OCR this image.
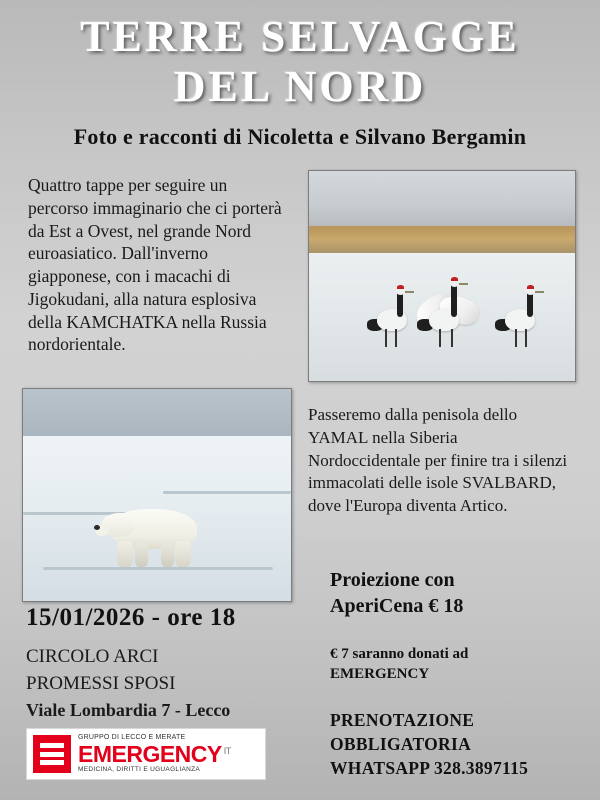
TERRE SELVAGGE
DEL NORD
Foto e racconti di Nicoletta e Silvano Bergamin
Quattro tappe per seguire un percorso immaginario che ci porterà da Est a Ovest, nel grande Nord euroasiatico. Dall'inverno giapponese, con i macachi di Jigokudani, alla natura esplosiva della KAMCHATKA nella Russia nordorientale.
Passeremo dalla penisola dello YAMAL nella Siberia Nordoccidentale per finire tra i silenzi immacolati delle isole SVALBARD, dove l'Europa diventa Artico.
15/01/2026 - ore 18
CIRCOLO ARCI
PROMESSI SPOSI
Viale Lombardia 7 - Lecco
GRUPPO DI LECCO E MERATE
EMERGENCY $^{IT}$
MEDICINA, DIRITTI E UGUAGLIANZA
Proiezione con
AperiCena € 18
€ 7 saranno donati ad
EMERGENCY
PRENOTAZIONE
OBBLIGATORIA
WHATSAPP 328.3897115
